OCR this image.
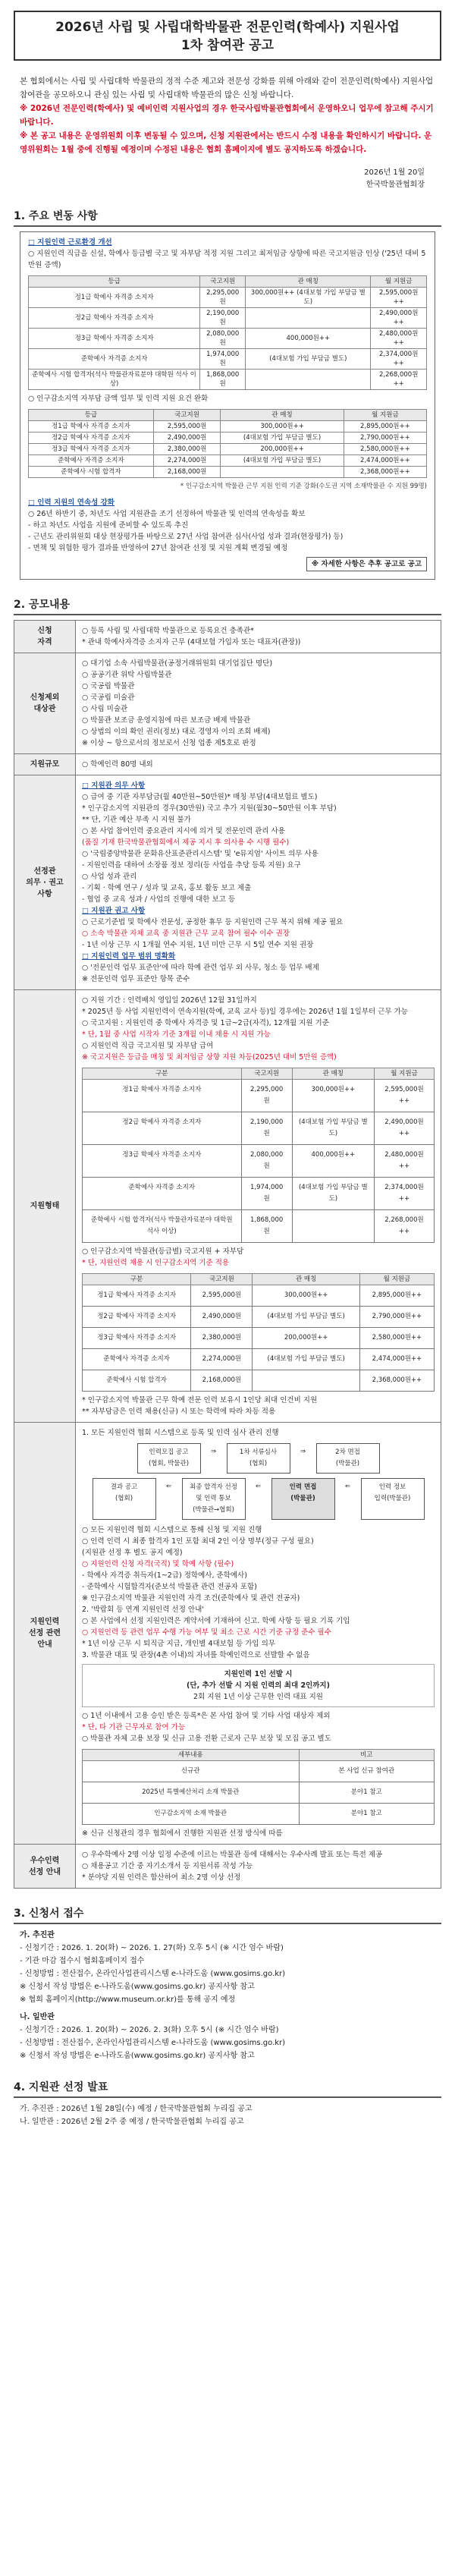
2026년 사립 및 사립대학박물관 전문인력(학예사) 지원사업
1차 참여관 공고
본 협회에서는 사립 및 사립대학 박물관의 정적 수준 제고와 전문성 강화를 위해 아래와 같이 전문인력(학예사) 지원사업 참여관을 공모하오니 관심 있는 사립 및 사립대학 박물관의 많은 신청 바랍니다.
※ 2026년 전문인력(학예사) 및 예비인력 지원사업의 경우 한국사립박물관협회에서 운영하오니 업무에 참고해 주시기 바랍니다.
※ 본 공고 내용은 운영위원회 이후 변동될 수 있으며, 신청 지원관에서는 반드시 수정 내용을 확인하시기 바랍니다. 운영위원회는 1월 중에 진행될 예정이며 수정된 내용은 협회 홈페이지에 별도 공지하도록 하겠습니다.
2026년 1월 20일
한국박물관협회장
1. 주요 변동 사항
□ 지원인력 근로환경 개선
○ 지원인력 직급을 신설, 학예사 등급별 국고 및 자부담 적정 지원 그리고 최저임금 상향에 따른 국고지원금 인상 ('25년 대비 5만원 증액)
등급	국고지원	관 매칭	월 지원금
정1급 학예사 자격증 소지자	2,295,000원	300,000원++ (4대보험 가입 부담금 별도)	2,595,000원++
정2급 학예사 자격증 소지자	2,190,000원		2,490,000원++
정3급 학예사 자격증 소지자	2,080,000원	400,000원++	2,480,000원++
준학예사 자격증 소지자	1,974,000원	(4대보험 가입 부담금 별도)	2,374,000원++
준학예사 시험 합격자(석사 박물관자료분야 대학원 석사 이상)	1,868,000원		2,268,000원++
○ 인구감소지역 자부담 금액 일부 및 인력 지원 요건 완화
등급	국고지원	관 매칭	월 지원금
정1급 학예사 자격증 소지자	2,595,000원	300,000원++	2,895,000원++
정2급 학예사 자격증 소지자	2,490,000원	(4대보험 가입 부담금 별도)	2,790,000원++
정3급 학예사 자격증 소지자	2,380,000원	200,000원++	2,580,000원++
준학예사 자격증 소지자	2,274,000원	(4대보험 가입 부담금 별도)	2,474,000원++
준학예사 시험 합격자	2,168,000원		2,368,000원++
* 인구감소지역 박물관 근무 지원 인력 기준 강화(수도권 지역 소재박물관 수 지원 99명)
□ 인력 지원의 연속성 강화
○ 26년 하반기 중, 차년도 사업 지원관을 조기 선정하여 박물관 및 인력의 연속성을 확보
- 하고 차년도 사업을 지원에 준비할 수 있도록 추진
- 근년도 관리위원회 대상 현장평가를 바탕으로 27년 사업 참여관 심사(사업 성과 결과(현장평가) 등)
- 면책 및 위험한 평가 결과를 반영하여 27년 참여관 선정 및 지원 계획 변경될 예정
※ 자세한 사항은 추후 공고로 공고
2. 공모내용
신청
자격

○ 등록 사립 및 사립대학 박물관으로 등록요건 충족관*
* 관내 학예사자격증 소지자 근무 (4대보험 가입자 또는 대표자(관장))

신청제외
대상관

○ 대기업 소속 사립박물관(공정거래위원회 대기업집단 명단)
○ 공공기관 위탁 사립박물관
○ 국공립 박물관
○ 국공립 미술관
○ 사립 미술관
○ 박물관 보조금 운영지침에 따른 보조금 배제 박물관
○ 상법의 이의 확인 권리(정보) 대로 경영자 이의 조회 배제)
※ 이상 ~ 항으로서의 정보로서 신청 업종 제5호로 판정

지원규모	○ 학예인력 80명 내외

선정관
의무 · 권고
사항

□ 지원관 의무 사항
○ 급여 중 기관 자부담금(월 40만원~50만원)* 매칭 부담(4대보험료 별도)
* 인구감소지역 지원관의 경우(30만원) 국고 추가 지원(월30~50만원 이후 부담)
** 단, 기관 예산 부족 시 지원 불가
○ 본 사업 참여인력 중요관리 지시에 의거 및 전문인력 관리 사용
(품질 기재 한국박물관협회에서 제공 지시 후 의사용 수 시행 필수)
○ '국립중앙박물관 문화유산표준관리시스템' 및 'e뮤지엄' 사이트 의무 사용
- 지원인력을 대하여 소장품 정보 정리(등 사업을 추당 등록 지원) 요구
○ 사업 성과 관리
- 기획 · 학예 연구 / 성과 및 교육, 홍보 활동 보고 제출
- 협업 중 교육 성과 / 사업의 진행에 대한 보고 등
□ 지원관 권고 사항
○ 근로기준법 및 학예사 전문성, 공정한 휴무 등 지원인력 근무 복지 위해 제공 필요
○ 소속 박물관 자체 교육 중 지원관 근무 교육 참여 필수 이수 권장
- 1년 이상 근무 시 1개월 연수 지원, 1년 미만 근무 시 5일 연수 지원 권장
□ 지원인력 업무 범위 명확화
○ '전문인력 업무 표준안'에 따라 학예 관련 업무 외 사무, 청소 등 업무 배제
※ 전문인력 업무 표준안 항목 준수

지원형태

○ 지원 기간 : 인력배치 영입일 2026년 12월 31일까지
* 2025년 등 사업 지원인력이 연속지원(학예, 교육 교사 등)일 경우에는 2026년 1월 1일부터 근무 가능
○ 국고지원 : 지원인력 중 학예사 자격증 및 1급~2급(자격), 12개월 지원 기준
* 단, 1월 중 사업 시작자 기준 3개월 이내 채용 시 지원 가능
○ 지원인력 직급 국고지원 및 자부담 급여
※ 국고지원은 등급을 매칭 및 최저임금 상향 지원 차등(2025년 대비 5만원 증액)
구분	국고지원	관 매칭	월 지원금
정1급 학예사 자격증 소지자	2,295,000원	300,000원++	2,595,000원++
정2급 학예사 자격증 소지자	2,190,000원	(4대보험 가입 부담금 별도)	2,490,000원++
정3급 학예사 자격증 소지자	2,080,000원	400,000원++	2,480,000원++
준학예사 자격증 소지자	1,974,000원	(4대보험 가입 부담금 별도)	2,374,000원++
준학예사 시험 합격자(석사 박물관자료분야 대학원 석사 이상)	1,868,000원		2,268,000원++
○ 인구감소지역 박물관(등급별) 국고지원 + 자부담
* 단, 지원인력 채용 시 인구감소지역 기준 적용
구분	국고지원	관 매칭	월 지원금
정1급 학예사 자격증 소지자	2,595,000원	300,000원++	2,895,000원++
정2급 학예사 자격증 소지자	2,490,000원	(4대보험 가입 부담금 별도)	2,790,000원++
정3급 학예사 자격증 소지자	2,380,000원	200,000원++	2,580,000원++
준학예사 자격증 소지자	2,274,000원	(4대보험 가입 부담금 별도)	2,474,000원++
준학예사 시험 합격자	2,168,000원		2,368,000원++
* 인구감소지역 박물관 근무 학예 전문 인력 보유시 1인당 최대 인건비 지원
** 자부담금은 인력 채용(신규) 시 또는 학력에 따라 차등 적용

지원인력
선정 관련
안내

1. 모든 지원인력 협회 시스템으로 등록 및 인력 심사 관리 진행
인력모집 공고
(협회, 박물관)
⇒	1차 서류심사
(협회)
⇒	2차 면접
(박물관)
결과 공고
(협회)
⇐	최종 합격자 선정
및 인력 통보
(박물관→협회)
⇐	인력 면접
(박물관)
⇐	인력 정보
입력(박물관)
○ 모든 지원인력 협회 시스템으로 통해 신청 및 지원 진행
○ 인력 인력 시 최종 합격자 1인 포함 최대 2인 이상 명부(정규 구성 필요)
(지원관 선정 후 별도 공지 예정)
○ 지원인력 신청 자격(국적) 및 학예 사항 (필수)
- 학예사 자격증 취득자(1~2급) 정학예사, 준학예사)
- 준학예사 시험합격자(준보석 박물관 관련 전공자 포함)
※ 인구감소지역 박물관 지원인력 자격 조건(준학예사 및 관련 전공자)
2. '박람회 등 연계 지원인력 선정 안내'
○ 본 사업에서 선정 지원인력은 계약서에 기재하여 신고. 학예 사항 등 필요 기록 기입
○ 지원인력 등 관련 업무 수행 가능 여부 및 최소 근로 시간 기준 규정 준수 필수
* 1년 이상 근무 시 퇴직금 지급, 개인별 4대보험 등 가입 의무
3. 박물관 대표 및 관장(4촌 이내)의 자녀를 학예인력으로 선발할 수 없음
지원인력 1인 선발 시
(단, 추가 선발 시 지원 인력의 최대 2인까지)
2회 지원 1년 이상 근무한 인력 대표 지원
○ 1년 이내에서 고용 승인 받은 등록*은 본 사업 참여 및 기타 사업 대상자 제외
* 단, 타 기관 근무자로 참여 가능
○ 박물관 자체 고용 보장 및 신규 고용 전환 근로자 근무 보장 및 모집 공고 별도
세부내용	비고
신규관	본 사업 신규 참여관
2025년 특별예산처리 소재 박물관	분야1 참고
인구감소지역 소재 박물관	분야1 참고
※ 신규 신청관의 경우 협회에서 진행한 지원관 선정 방식에 따름

우수인력
선정 안내

○ 우수학예사 2명 이상 일정 수준에 이르는 박물관 등에 대해서는 우수사례 발표 또는 특전 제공
○ 채용공고 기간 중 자기소개서 등 지원서류 작성 가능
* 분야당 지원 인력은 합산하여 최소 2명 이상 선정
3. 신청서 접수
가. 추진관
- 신청기간 : 2026. 1. 20(화) ~ 2026. 1. 27(화) 오후 5시 (※ 시간 엄수 바람)
- 기관 마감 접수시 협회홈페이지 접수
- 신청방법 : 전산접수, 온라인사업관리시스템 e-나라도움 (www.gosims.go.kr)
※ 신청서 작성 방법은 e-나라도움(www.gosims.go.kr) 공지사항 참고
※ 협회 홈페이지(http://www.museum.or.kr)를 통해 공지 예정
나. 일반관
- 신청기간 : 2026. 1. 20(화) ~ 2026. 2. 3(화) 오후 5시 (※ 시간 엄수 바람)
- 신청방법 : 전산접수, 온라인사업관리시스템 e-나라도움 (www.gosims.go.kr)
※ 신청서 작성 방법은 e-나라도움(www.gosims.go.kr) 공지사항 참고
4. 지원관 선정 발표
가. 추진관 : 2026년 1월 28일(수) 예정 / 한국박물관협회 누리집 공고
나. 일반관 : 2026년 2월 2주 중 예정 / 한국박물관협회 누리집 공고
